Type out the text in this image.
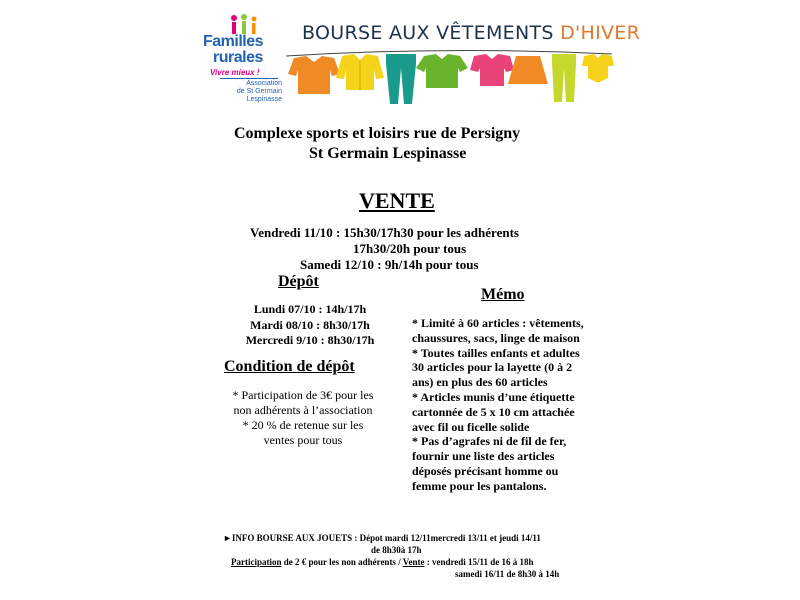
Familles
rurales
Vivre mieux !
Association
de St Germain
Lespinasse
BOURSE AUX VÊTEMENTS D'HIVER
Complexe sports et loisirs rue de Persigny
St Germain Lespinasse
VENTE
Vendredi 11/10 : 15h30/17h30 pour les adhérents
17h30/20h pour tous
Samedi 12/10 : 9h/14h pour tous
Dépôt
Lundi 07/10 : 14h/17h
Mardi 08/10 : 8h30/17h
Mercredi 9/10 : 8h30/17h
Condition de dépôt
* Participation de 3€ pour les
non adhérents à l’association
* 20 % de retenue sur les
ventes pour tous
Mémo
* Limité à 60 articles : vêtements,
chaussures, sacs, linge de maison
* Toutes tailles enfants et adultes
30 articles pour la layette (0 à 2
ans) en plus des 60 articles
* Articles munis d’une étiquette
cartonnée de 5 x 10 cm attachée
avec fil ou ficelle solide
* Pas d’agrafes ni de fil de fer,
fournir une liste des articles
déposés précisant homme ou
femme pour les pantalons.
►INFO BOURSE AUX JOUETS : Dépot mardi 12/11mercredi 13/11 et jeudi 14/11
de 8h30à 17h
Participation de 2 € pour les non adhérents / Vente : vendredi 15/11 de 16 à 18h
samedi 16/11 de 8h30 à 14h
